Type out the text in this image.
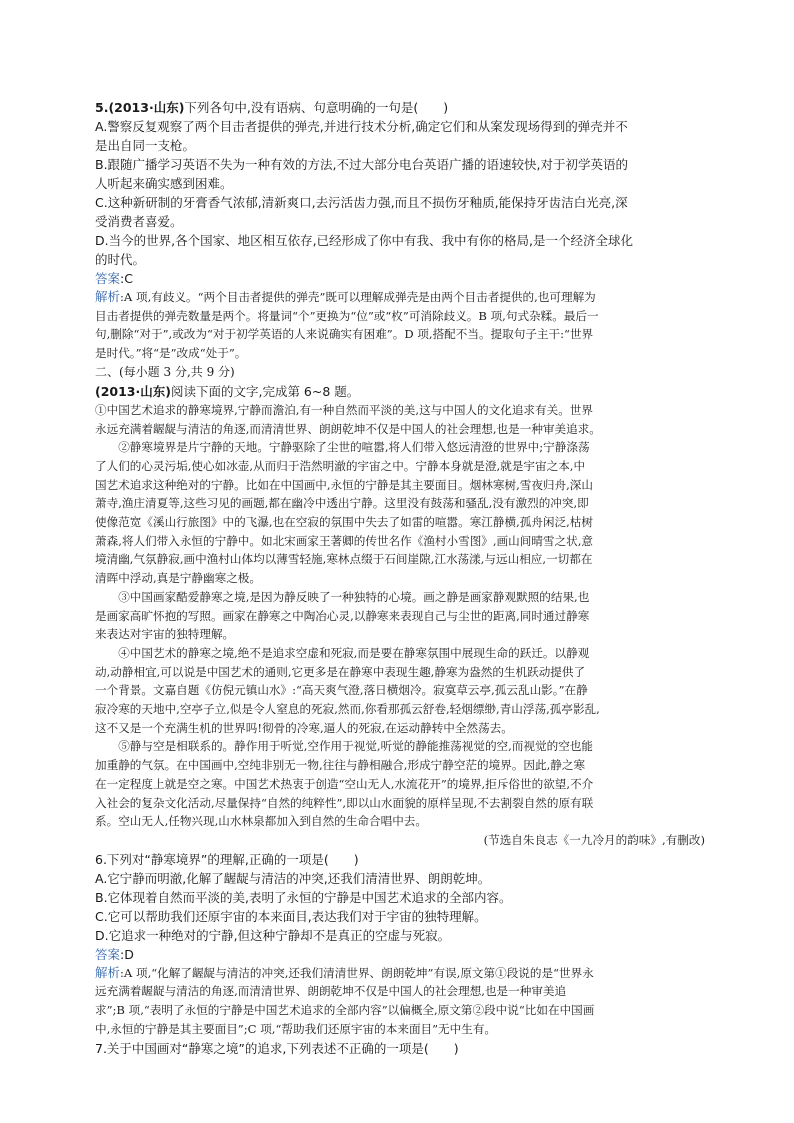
5.(2013·山东)下列各句中,没有语病、句意明确的一句是(　　)
A.警察反复观察了两个目击者提供的弹壳,并进行技术分析,确定它们和从案发现场得到的弹壳并不
是出自同一支枪。
B.跟随广播学习英语不失为一种有效的方法,不过大部分电台英语广播的语速较快,对于初学英语的
人听起来确实感到困难。
C.这种新研制的牙膏香气浓郁,清新爽口,去污活齿力强,而且不损伤牙釉质,能保持牙齿洁白光亮,深
受消费者喜爱。
D.当今的世界,各个国家、地区相互依存,已经形成了你中有我、我中有你的格局,是一个经济全球化
的时代。
答案:C
解析:A 项,有歧义。“两个目击者提供的弹壳”既可以理解成弹壳是由两个目击者提供的,也可理解为
目击者提供的弹壳数量是两个。将量词“个”更换为“位”或“枚”可消除歧义。B 项,句式杂糅。最后一
句,删除“对于”,或改为“对于初学英语的人来说确实有困难”。D 项,搭配不当。提取句子主干:“世界
是时代。”将“是”改成“处于”。
二、(每小题 3 分,共 9 分)
(2013·山东)阅读下面的文字,完成第 6~8 题。
①中国艺术追求的静寒境界,宁静而澹泊,有一种自然而平淡的美,这与中国人的文化追求有关。世界
永远充满着龌龊与清洁的角逐,而清清世界、朗朗乾坤不仅是中国人的社会理想,也是一种审美追求。
　　②静寒境界是片宁静的天地。宁静驱除了尘世的喧嚣,将人们带入悠远清澄的世界中;宁静涤荡
了人们的心灵污垢,使心如冰壶,从而归于浩然明澈的宇宙之中。宁静本身就是澄,就是宇宙之本,中
国艺术追求这种绝对的宁静。比如在中国画中,永恒的宁静是其主要面目。烟林寒树,雪夜归舟,深山
萧寺,渔庄清夏等,这些习见的画题,都在幽冷中透出宁静。这里没有鼓荡和骚乱,没有激烈的冲突,即
使像范宽《溪山行旅图》中的飞瀑,也在空寂的氛围中失去了如雷的喧嚣。寒江静横,孤舟闲泛,枯树
萧森,将人们带入永恒的宁静中。如北宋画家王著卿的传世名作《渔村小雪图》,画山间晴雪之状,意
境清幽,气氛静寂,画中渔村山体均以薄雪轻施,寒林点缀于石间崖隙,江水荡漾,与远山相应,一切都在
清晖中浮动,真是宁静幽寒之极。
　　③中国画家酷爱静寒之境,是因为静反映了一种独特的心境。画之静是画家静观默照的结果,也
是画家高旷怀抱的写照。画家在静寒之中陶冶心灵,以静寒来表现自己与尘世的距离,同时通过静寒
来表达对宇宙的独特理解。
　　④中国艺术的静寒之境,绝不是追求空虚和死寂,而是要在静寒氛围中展现生命的跃迁。以静观
动,动静相宜,可以说是中国艺术的通则,它更多是在静寒中表现生趣,静寒为盎然的生机跃动提供了
一个背景。文嘉自题《仿倪元镇山水》:“高天爽气澄,落日横烟冷。寂寞草云亭,孤云乱山影。”在静
寂冷寒的天地中,空亭子立,似是令人窒息的死寂,然而,你看那孤云舒卷,轻烟缥缈,青山浮荡,孤亭影乱,
这不又是一个充满生机的世界吗!彻骨的冷寒,逼人的死寂,在运动静转中全然荡去。
　　⑤静与空是相联系的。静作用于听觉,空作用于视觉,听觉的静能推荡视觉的空,而视觉的空也能
加重静的气氛。在中国画中,空纯非别无一物,往往与静相融合,形成宁静空茫的境界。因此,静之寒
在一定程度上就是空之寒。中国艺术热衷于创造“空山无人,水流花开”的境界,拒斥俗世的欲望,不介
入社会的复杂文化活动,尽量保持“自然的纯粹性”,即以山水面貌的原样呈现,不去割裂自然的原有联
系。空山无人,任物兴现,山水林泉都加入到自然的生命合唱中去。
(节选自朱良志《一九冷月的韵味》,有删改)
6.下列对“静寒境界”的理解,正确的一项是(　　)
A.它宁静而明澈,化解了龌龊与清洁的冲突,还我们清清世界、朗朗乾坤。
B.它体现着自然而平淡的美,表明了永恒的宁静是中国艺术追求的全部内容。
C.它可以帮助我们还原宇宙的本来面目,表达我们对于宇宙的独特理解。
D.它追求一种绝对的宁静,但这种宁静却不是真正的空虚与死寂。
答案:D
解析:A 项,“化解了龌龊与清洁的冲突,还我们清清世界、朗朗乾坤”有误,原文第①段说的是“世界永
远充满着龌龊与清洁的角逐,而清清世界、朗朗乾坤不仅是中国人的社会理想,也是一种审美追
求”;B 项,“表明了永恒的宁静是中国艺术追求的全部内容”以偏概全,原文第②段中说“比如在中国画
中,永恒的宁静是其主要面目”;C 项,“帮助我们还原宇宙的本来面目”无中生有。
7.关于中国画对“静寒之境”的追求,下列表述不正确的一项是(　　)
